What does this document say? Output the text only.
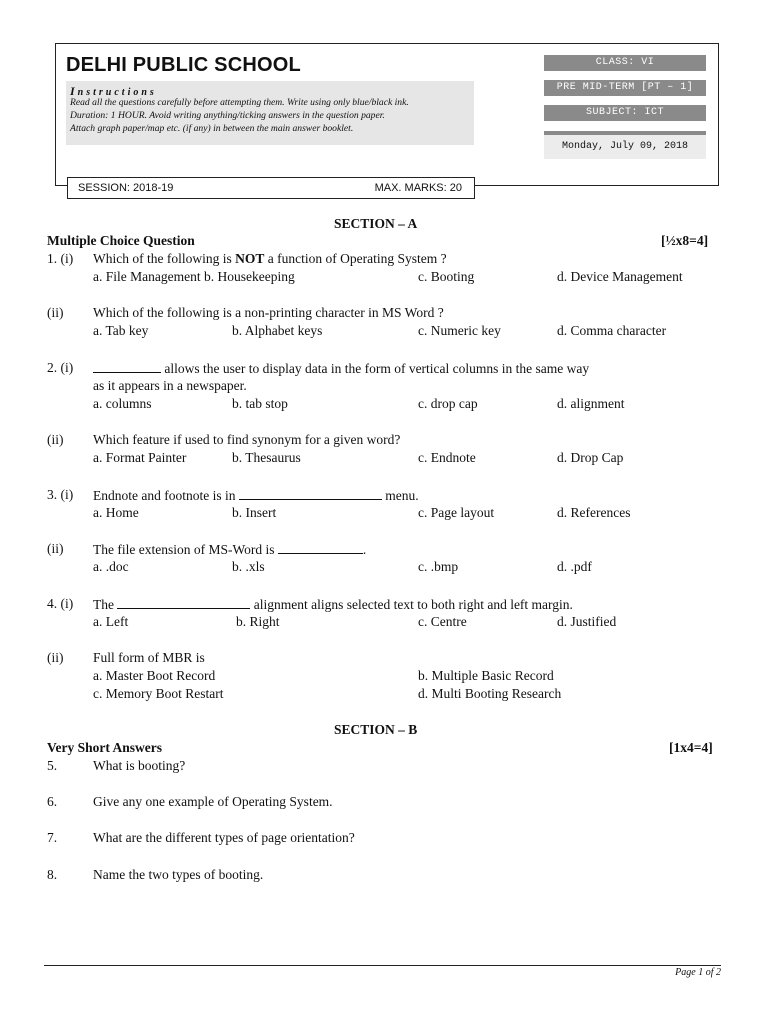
DELHI PUBLIC SCHOOL
Instructions
Read all the questions carefully before attempting them. Write using only blue/black ink.
Duration: 1 HOUR. Avoid writing anything/ticking answers in the question paper.
Attach graph paper/map etc. (if any) in between the main answer booklet.
CLASS: VI
PRE MID-TERM [PT – 1]
SUBJECT: ICT
Monday, July 09, 2018
SESSION: 2018-19	MAX. MARKS: 20
SECTION – A
Multiple Choice Question	[½x8=4]
1. (i) Which of the following is NOT a function of Operating System ?
a. File Management b. Housekeeping	c. Booting	d. Device Management
(ii) Which of the following is a non-printing character in MS Word ?
a. Tab key	b. Alphabet keys	c. Numeric key	d. Comma character
2. (i)	allows the user to display data in the form of vertical columns in the same way
as it appears in a newspaper.
a. columns	b. tab stop	c. drop cap	d. alignment
(ii) Which feature if used to find synonym for a given word?
a. Format Painter	b. Thesaurus	c. Endnote	d. Drop Cap
3. (i) Endnote and footnote is in	menu.
a. Home	b. Insert	c. Page layout	d. References
(ii) The file extension of MS-Word is	.
a. .doc	b. .xls	c. .bmp	d. .pdf
4. (i) The	alignment aligns selected text to both right and left margin.
a. Left	b. Right	c. Centre	d. Justified
(ii) Full form of MBR is
a. Master Boot Record	b. Multiple Basic Record
c. Memory Boot Restart	d. Multi Booting Research
SECTION – B
Very Short Answers	[1x4=4]
5.	What is booting?
6.	Give any one example of Operating System.
7.	What are the different types of page orientation?
8.	Name the two types of booting.
Page 1 of 2
